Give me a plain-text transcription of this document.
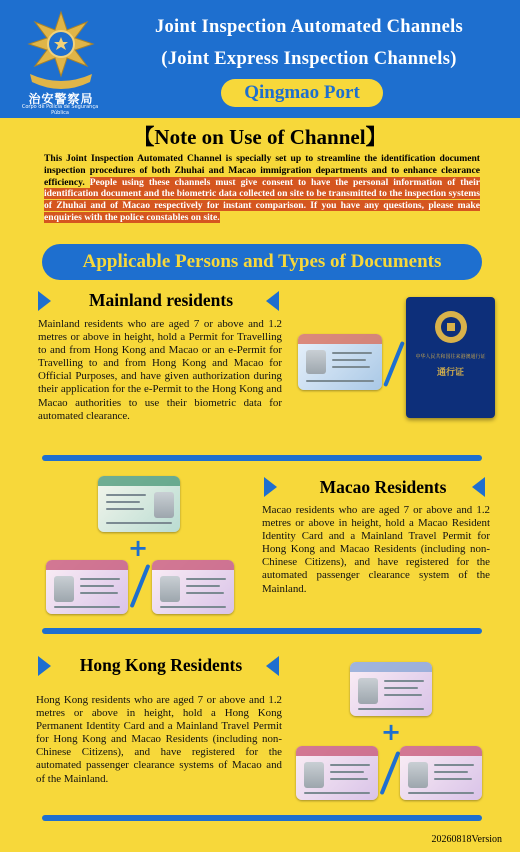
治安警察局
Corpo de Polícia de Segurança Pública
Joint Inspection Automated Channels
(Joint Express Inspection Channels)
Qingmao Port
【Note on Use of Channel】
This Joint Inspection Automated Channel is specially set up to streamline the identification document inspection procedures of both Zhuhai and Macao immigration departments and to enhance clearance efficiency. People using these channels must give consent to have the personal information of their identification document and the biometric data collected on site to be transmitted to the inspection systems of Zhuhai and of Macao respectively for instant comparison. If you have any questions, please make enquiries with the police constables on site.
Applicable Persons and Types of Documents
Mainland residents
Mainland residents who are aged 7 or above and 1.2 metres or above in height, hold a Permit for Travelling to and from Hong Kong and Macao or an e-Permit for Travelling to and from Hong Kong and Macao for Official Purposes, and have given authorization during their application for the e-Permit to the Hong Kong and Macao authorities to use their biometric data for automated clearance.
中华人民共和国往来港澳通行证
通行证
+
Macao Residents
Macao residents who are aged 7 or above and 1.2 metres or above in height, hold a Macao Resident Identity Card and a Mainland Travel Permit for Hong Kong and Macao Residents (including non-Chinese Citizens), and have registered for the automated passenger clearance system of the Mainland.
Hong Kong Residents
Hong Kong residents who are aged 7 or above and 1.2 metres or above in height, hold a Hong Kong Permanent Identity Card and a Mainland Travel Permit for Hong Kong and Macao Residents (including non-Chinese Citizens), and have registered for the automated passenger clearance systems of Macao and of the Mainland.
+
20260818Version
